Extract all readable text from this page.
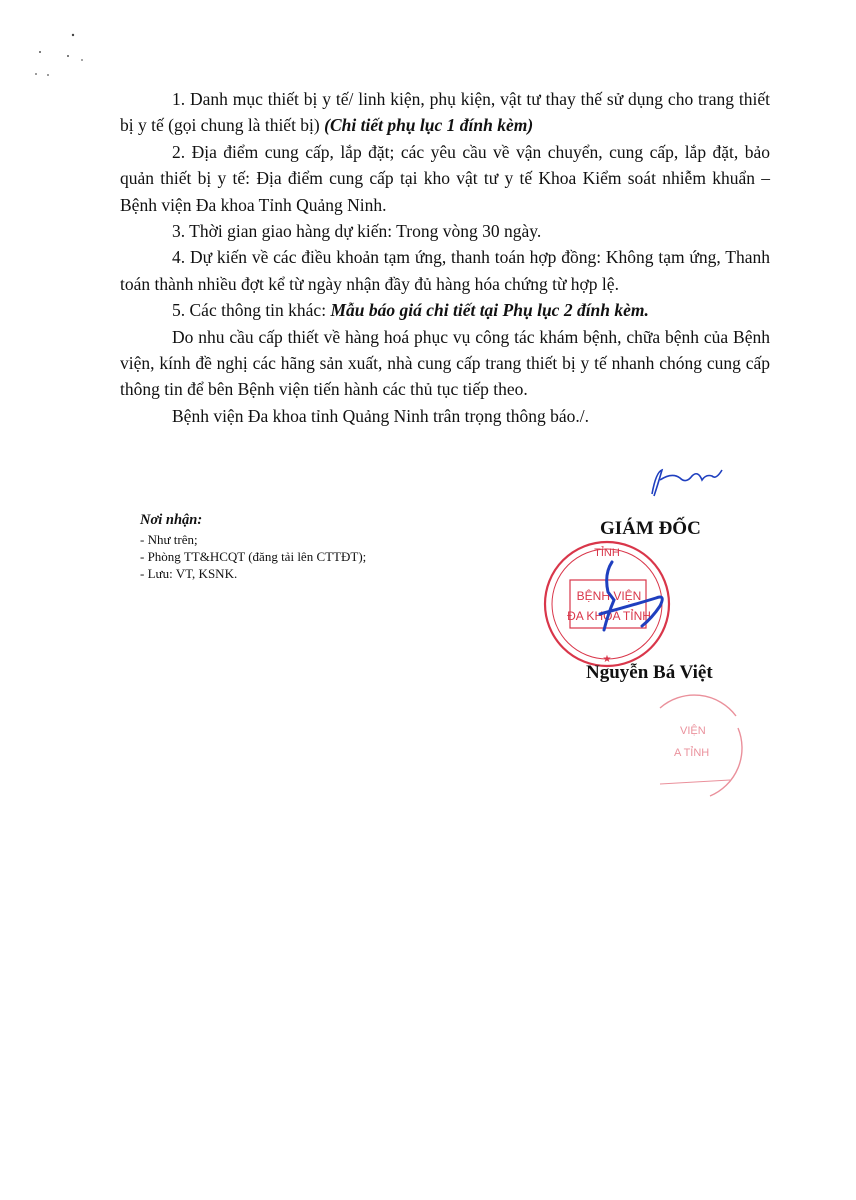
1. Danh mục thiết bị y tế/ linh kiện, phụ kiện, vật tư thay thế sử dụng cho trang thiết bị y tế (gọi chung là thiết bị) (Chi tiết phụ lục 1 đính kèm)

2. Địa điểm cung cấp, lắp đặt; các yêu cầu về vận chuyển, cung cấp, lắp đặt, bảo quản thiết bị y tế: Địa điểm cung cấp tại kho vật tư y tế Khoa Kiểm soát nhiễm khuẩn – Bệnh viện Đa khoa Tỉnh Quảng Ninh.

3. Thời gian giao hàng dự kiến: Trong vòng 30 ngày.

4. Dự kiến về các điều khoản tạm ứng, thanh toán hợp đồng: Không tạm ứng, Thanh toán thành nhiều đợt kể từ ngày nhận đầy đủ hàng hóa chứng từ hợp lệ.

5. Các thông tin khác: Mẫu báo giá chi tiết tại Phụ lục 2 đính kèm.

Do nhu cầu cấp thiết về hàng hoá phục vụ công tác khám bệnh, chữa bệnh của Bệnh viện, kính đề nghị các hãng sản xuất, nhà cung cấp trang thiết bị y tế nhanh chóng cung cấp thông tin để bên Bệnh viện tiến hành các thủ tục tiếp theo.

Bệnh viện Đa khoa tỉnh Quảng Ninh trân trọng thông báo./.

Nơi nhận:
- Như trên;
- Phòng TT&HCQT (đăng tải lên CTTĐT);
- Lưu: VT, KSNK.
TỈNH
BỆNH VIỆN
ĐA KHOA TỈNH
★
GIÁM ĐỐC
Nguyễn Bá Việt
VIỆN
A TỈNH
